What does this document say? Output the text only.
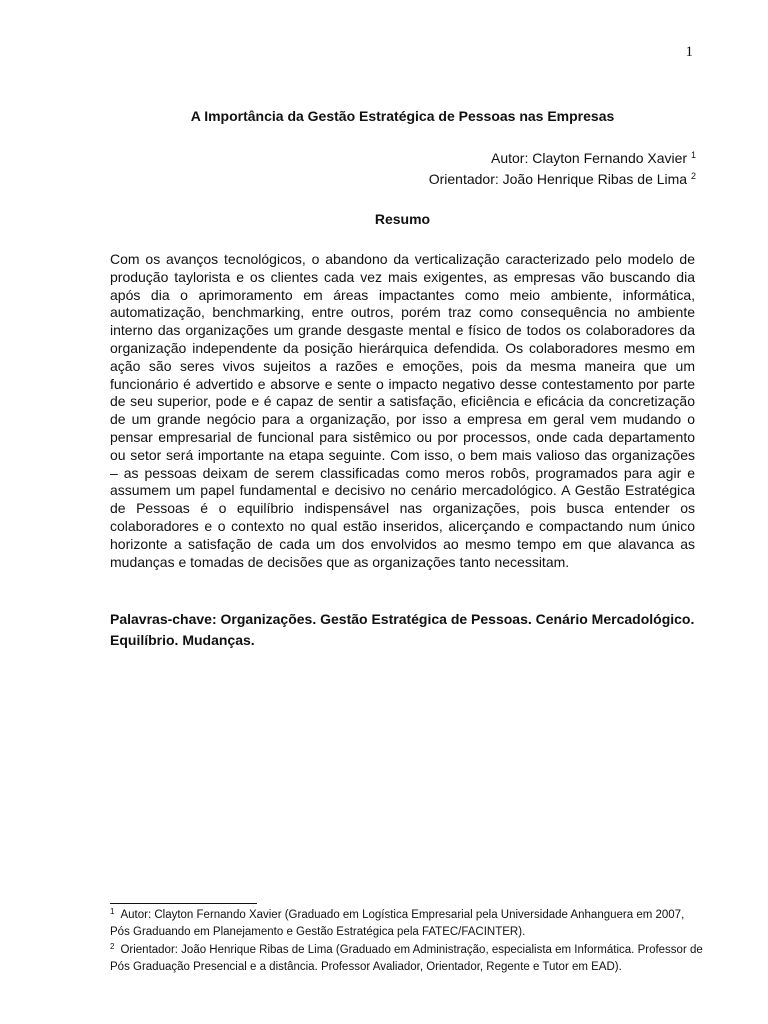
1
A Importância da Gestão Estratégica de Pessoas nas Empresas
Autor: Clayton Fernando Xavier $^1$
Orientador: João Henrique Ribas de Lima $^2$
Resumo

Com os avanços tecnológicos, o abandono da verticalização caracterizado pelo modelo de produção taylorista e os clientes cada vez mais exigentes, as empresas vão buscando dia após dia o aprimoramento em áreas impactantes como meio ambiente, informática, automatização, benchmarking, entre outros, porém traz como consequência no ambiente interno das organizações um grande desgaste mental e físico de todos os colaboradores da organização independente da posição hierárquica defendida. Os colaboradores mesmo em ação são seres vivos sujeitos a razões e emoções, pois da mesma maneira que um funcionário é advertido e absorve e sente o impacto negativo desse contestamento por parte de seu superior, pode e é capaz de sentir a satisfação, eficiência e eficácia da concretização de um grande negócio para a organização, por isso a empresa em geral vem mudando o pensar empresarial de funcional para sistêmico ou por processos, onde cada departamento ou setor será importante na etapa seguinte. Com isso, o bem mais valioso das organizações – as pessoas deixam de serem classificadas como meros robôs, programados para agir e assumem um papel fundamental e decisivo no cenário mercadológico. A Gestão Estratégica de Pessoas é o equilíbrio indispensável nas organizações, pois busca entender os colaboradores e o contexto no qual estão inseridos, alicerçando e compactando num único horizonte a satisfação de cada um dos envolvidos ao mesmo tempo em que alavanca as mudanças e tomadas de decisões que as organizações tanto necessitam.

Palavras-chave: Organizações. Gestão Estratégica de Pessoas. Cenário Mercadológico. Equilíbrio. Mudanças.

$^1$ Autor: Clayton Fernando Xavier (Graduado em Logística Empresarial pela Universidade Anhanguera em 2007, Pós Graduando em Planejamento e Gestão Estratégica pela FATEC/FACINTER).

$^2$ Orientador: João Henrique Ribas de Lima (Graduado em Administração, especialista em Informática. Professor de Pós Graduação Presencial e a distância. Professor Avaliador, Orientador, Regente e Tutor em EAD).
